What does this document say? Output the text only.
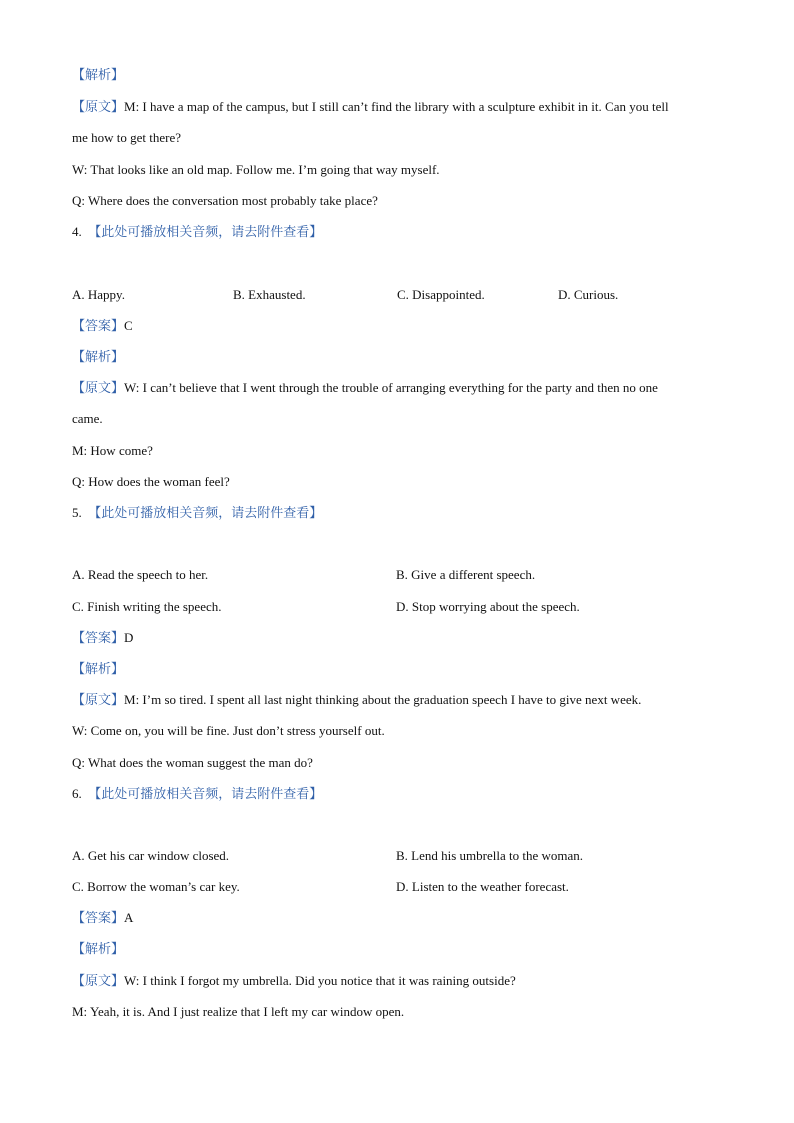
【解析】
【原文】M: I have a map of the campus, but I still can’t find the library with a sculpture exhibit in it. Can you tell
me how to get there?
W: That looks like an old map. Follow me. I’m going that way myself.
Q: Where does the conversation most probably take place?
4. 【此处可播放相关音频，请去附件查看】
A. Happy.	B. Exhausted.	C. Disappointed.	D. Curious.
【答案】C
【解析】
【原文】W: I can’t believe that I went through the trouble of arranging everything for the party and then no one
came.
M: How come?
Q: How does the woman feel?
5. 【此处可播放相关音频，请去附件查看】
A. Read the speech to her.	B. Give a different speech.
C. Finish writing the speech.	D. Stop worrying about the speech.
【答案】D
【解析】
【原文】M: I’m so tired. I spent all last night thinking about the graduation speech I have to give next week.
W: Come on, you will be fine. Just don’t stress yourself out.
Q: What does the woman suggest the man do?
6. 【此处可播放相关音频，请去附件查看】
A. Get his car window closed.	B. Lend his umbrella to the woman.
C. Borrow the woman’s car key.	D. Listen to the weather forecast.
【答案】A
【解析】
【原文】W: I think I forgot my umbrella. Did you notice that it was raining outside?
M: Yeah, it is. And I just realize that I left my car window open.
